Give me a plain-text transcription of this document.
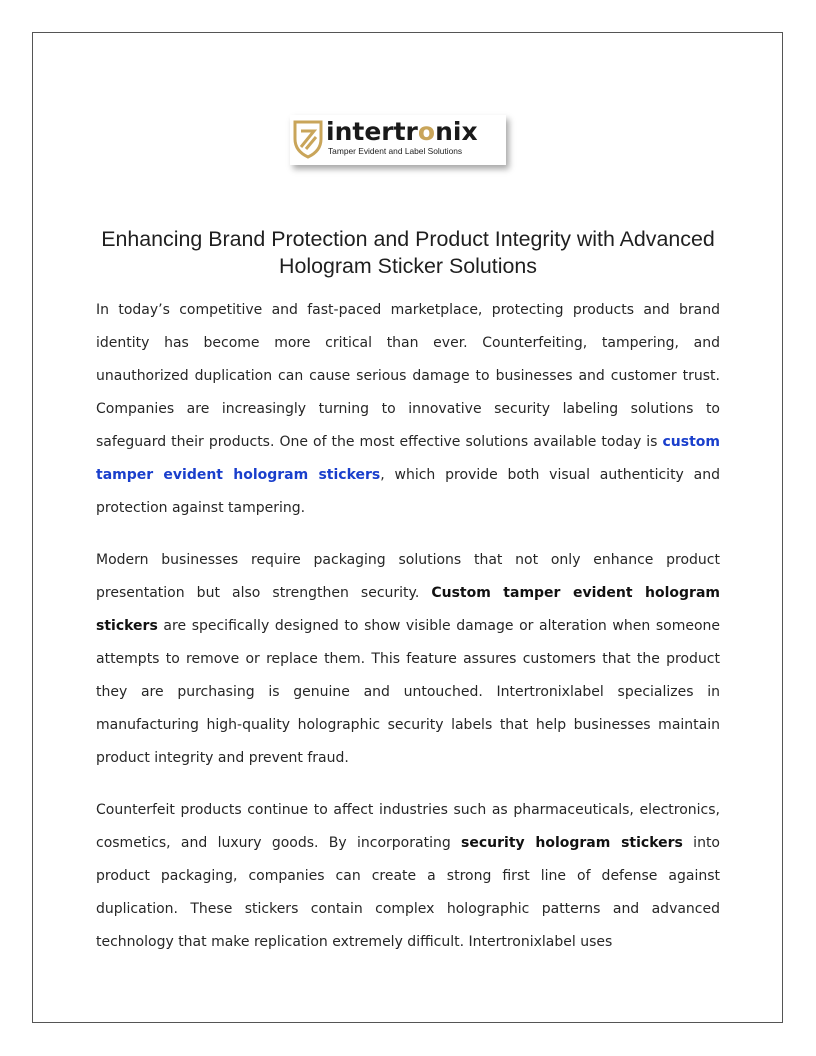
intertronix
Tamper Evident and Label Solutions
Enhancing Brand Protection and Product Integrity with Advanced Hologram Sticker Solutions

In today’s competitive and fast-paced marketplace, protecting products and brand identity has become more critical than ever. Counterfeiting, tampering, and unauthorized duplication can cause serious damage to businesses and customer trust. Companies are increasingly turning to innovative security labeling solutions to safeguard their products. One of the most effective solutions available today is custom tamper evident hologram stickers, which provide both visual authenticity and protection against tampering.

Modern businesses require packaging solutions that not only enhance product presentation but also strengthen security. Custom tamper evident hologram stickers are specifically designed to show visible damage or alteration when someone attempts to remove or replace them. This feature assures customers that the product they are purchasing is genuine and untouched. Intertronixlabel specializes in manufacturing high-quality holographic security labels that help businesses maintain product integrity and prevent fraud.

Counterfeit products continue to affect industries such as pharmaceuticals, electronics, cosmetics, and luxury goods. By incorporating security hologram stickers into product packaging, companies can create a strong first line of defense against duplication. These stickers contain complex holographic patterns and advanced technology that make replication extremely difficult. Intertronixlabel uses
